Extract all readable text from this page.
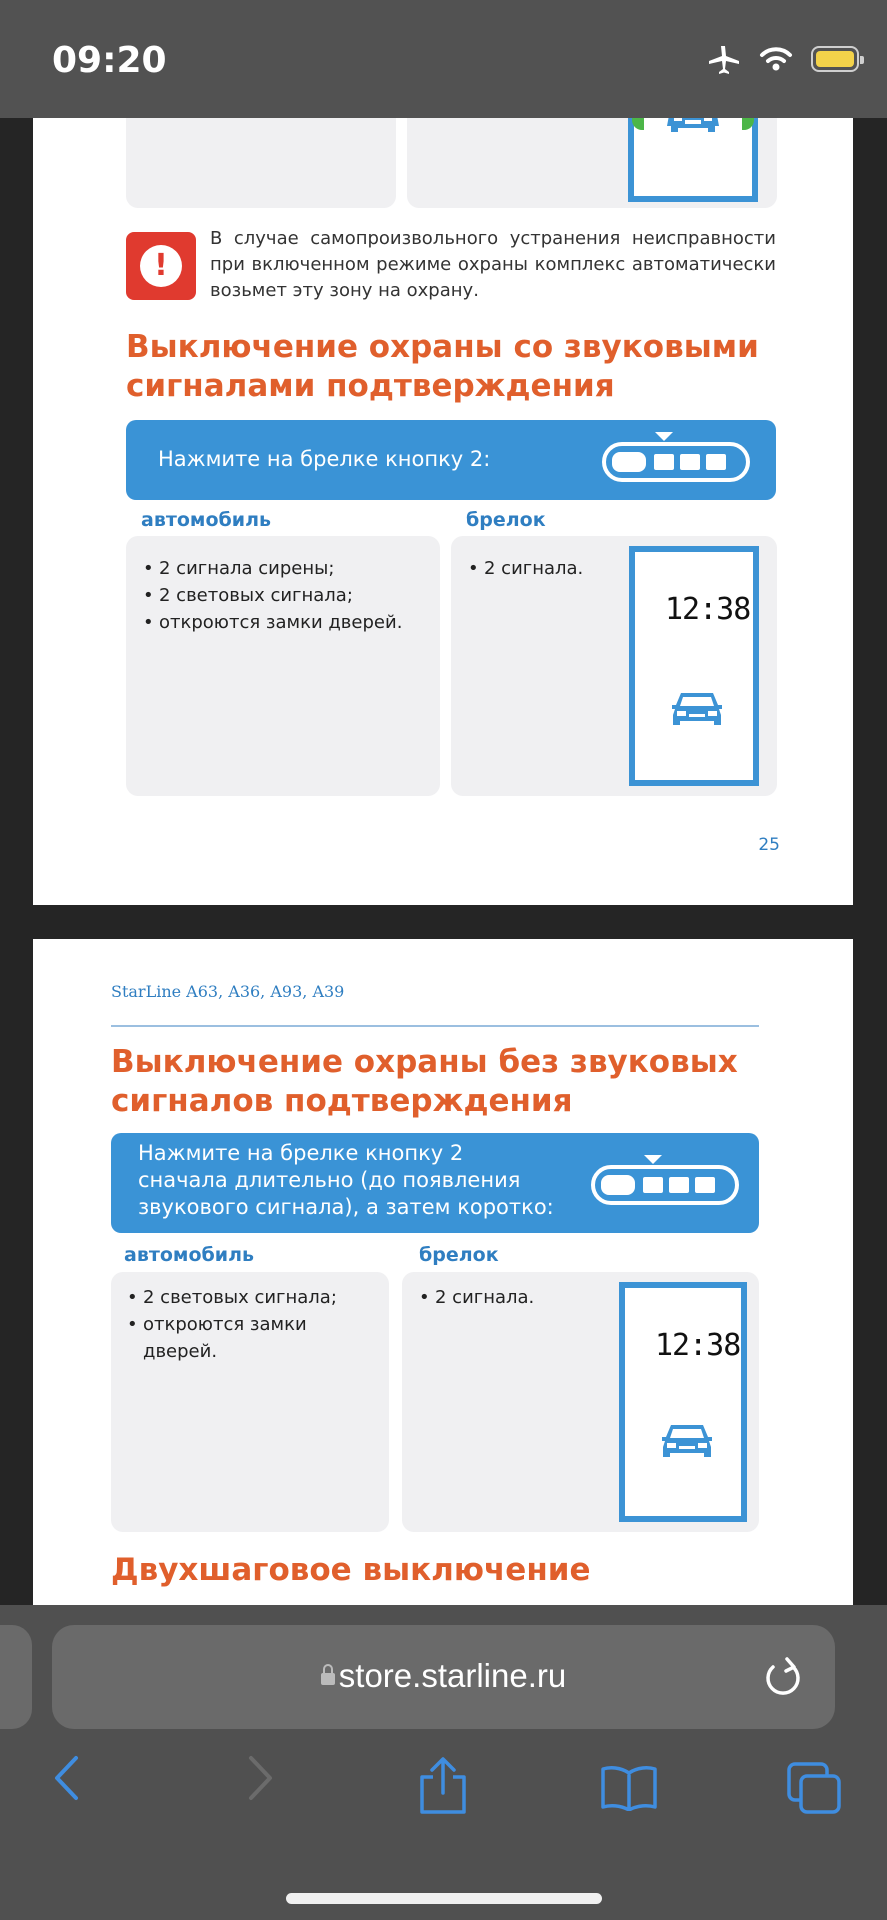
09:20
!
В случае самопроизвольного устранения неисправности при включенном режиме охраны комплекс автоматически возьмет эту зону на охрану.
Выключение охраны со звуковыми сигналами подтверждения
Нажмите на брелке кнопку 2:
автомобиль	брелок
• 2 сигнала сирены;
• 2 световых сигнала;
• откроются замки дверей.
• 2 сигнала.
12:38
25
StarLine A63, A36, A93, A39
Выключение охраны без звуковых сигналов подтверждения
Нажмите на брелке кнопку 2 сначала длительно (до появления звукового сигнала), а затем коротко:
автомобиль	брелок
• 2 световых сигнала;
• откроются замки дверей.
• 2 сигнала.
12:38
Двухшаговое выключение
store.starline.ru
